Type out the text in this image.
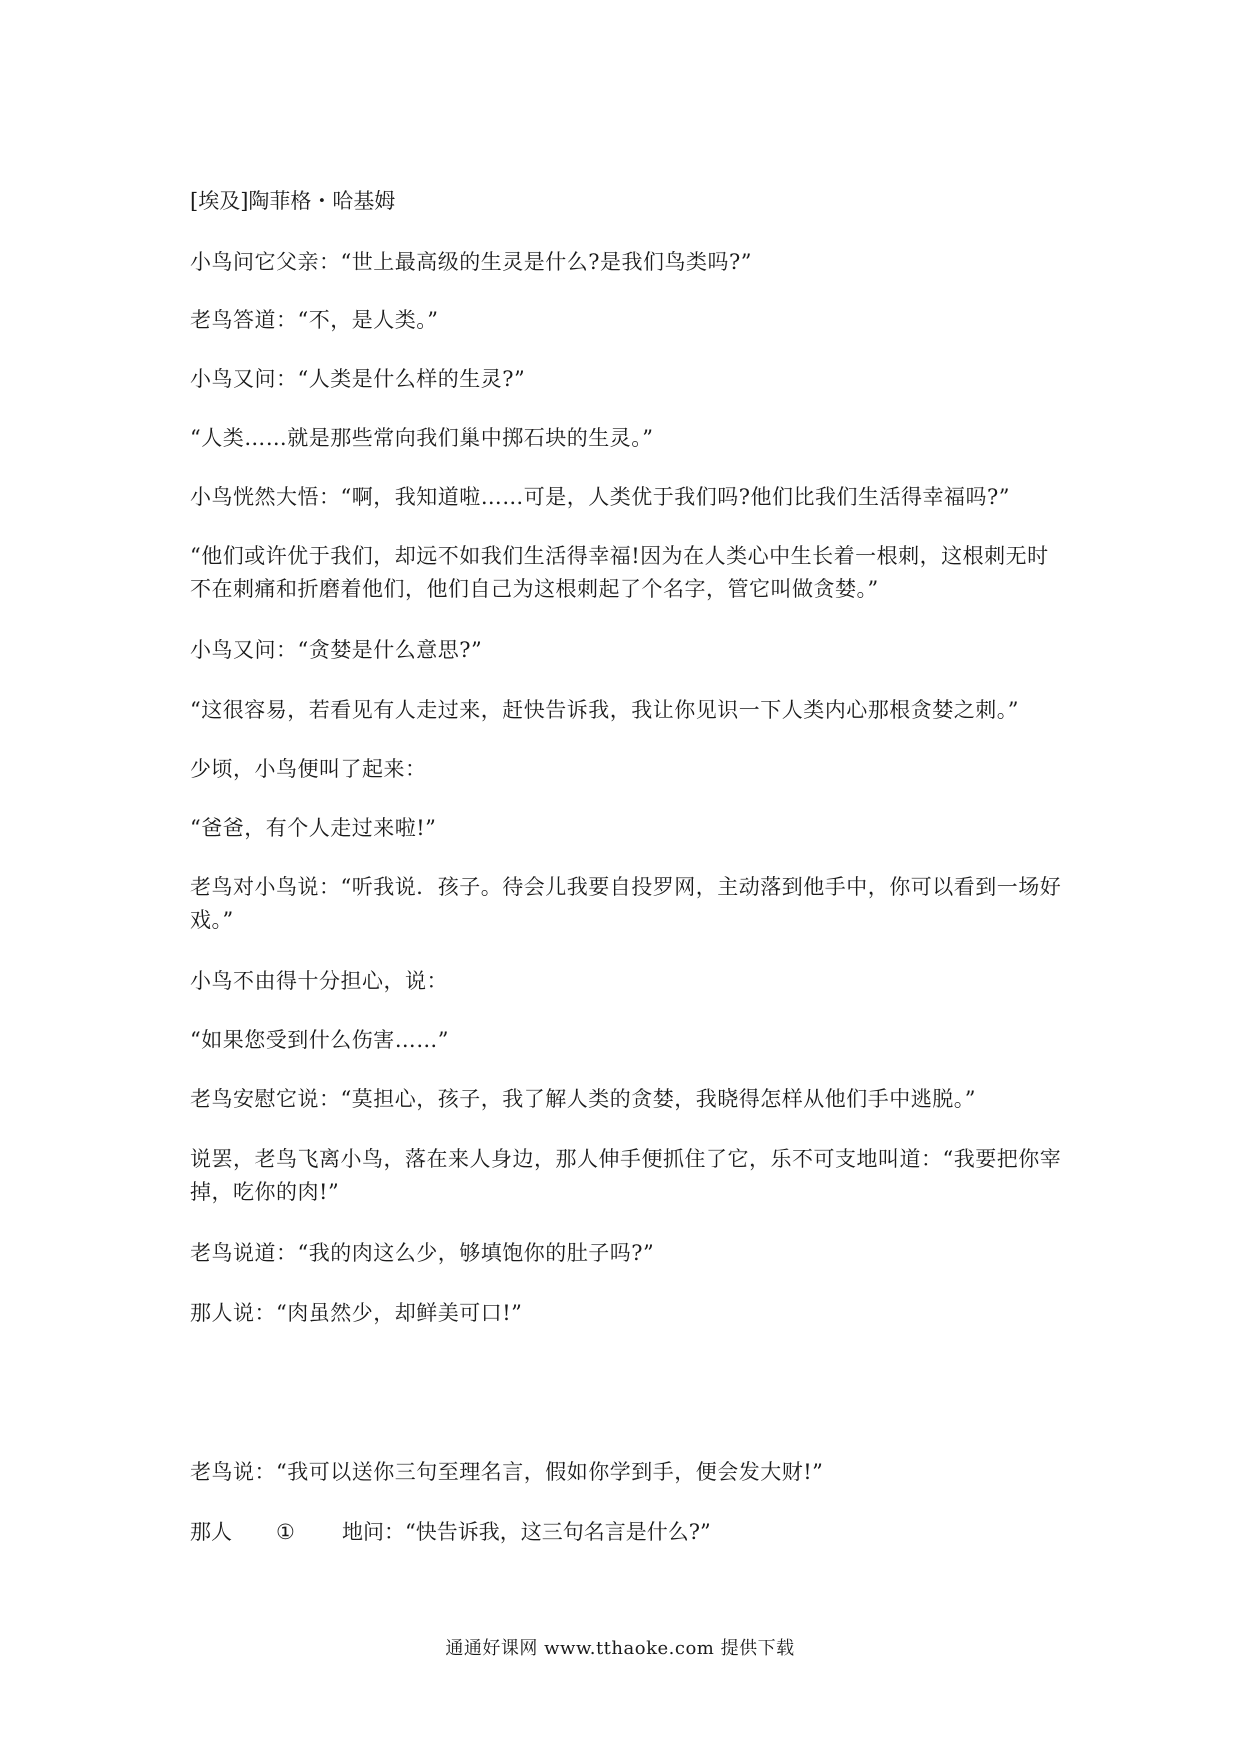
[埃及]陶菲格・哈基姆
小鸟问它父亲：“世上最高级的生灵是什么?是我们鸟类吗?”
老鸟答道：“不，是人类。”
小鸟又问：“人类是什么样的生灵?”
“人类……就是那些常向我们巢中掷石块的生灵。”
小鸟恍然大悟：“啊，我知道啦……可是，人类优于我们吗?他们比我们生活得幸福吗?”
“他们或许优于我们，却远不如我们生活得幸福!因为在人类心中生长着一根刺，这根刺无时不在刺痛和折磨着他们，他们自己为这根刺起了个名字，管它叫做贪婪。”
小鸟又问：“贪婪是什么意思?”
“这很容易，若看见有人走过来，赶快告诉我，我让你见识一下人类内心那根贪婪之刺。”
少顷，小鸟便叫了起来：
“爸爸，有个人走过来啦!”
老鸟对小鸟说：“听我说．孩子。待会儿我要自投罗网，主动落到他手中，你可以看到一场好戏。”
小鸟不由得十分担心，说：
“如果您受到什么伤害……”
老鸟安慰它说：“莫担心，孩子，我了解人类的贪婪，我晓得怎样从他们手中逃脱。”
说罢，老鸟飞离小鸟，落在来人身边，那人伸手便抓住了它，乐不可支地叫道：“我要把你宰掉，吃你的肉!”
老鸟说道：“我的肉这么少，够填饱你的肚子吗?”
那人说：“肉虽然少，却鲜美可口!”
老鸟说：“我可以送你三句至理名言，假如你学到手，便会发大财!”
那人 ① 地问：“快告诉我，这三句名言是什么?”
通通好课网 www.tthaoke.com 提供下载
